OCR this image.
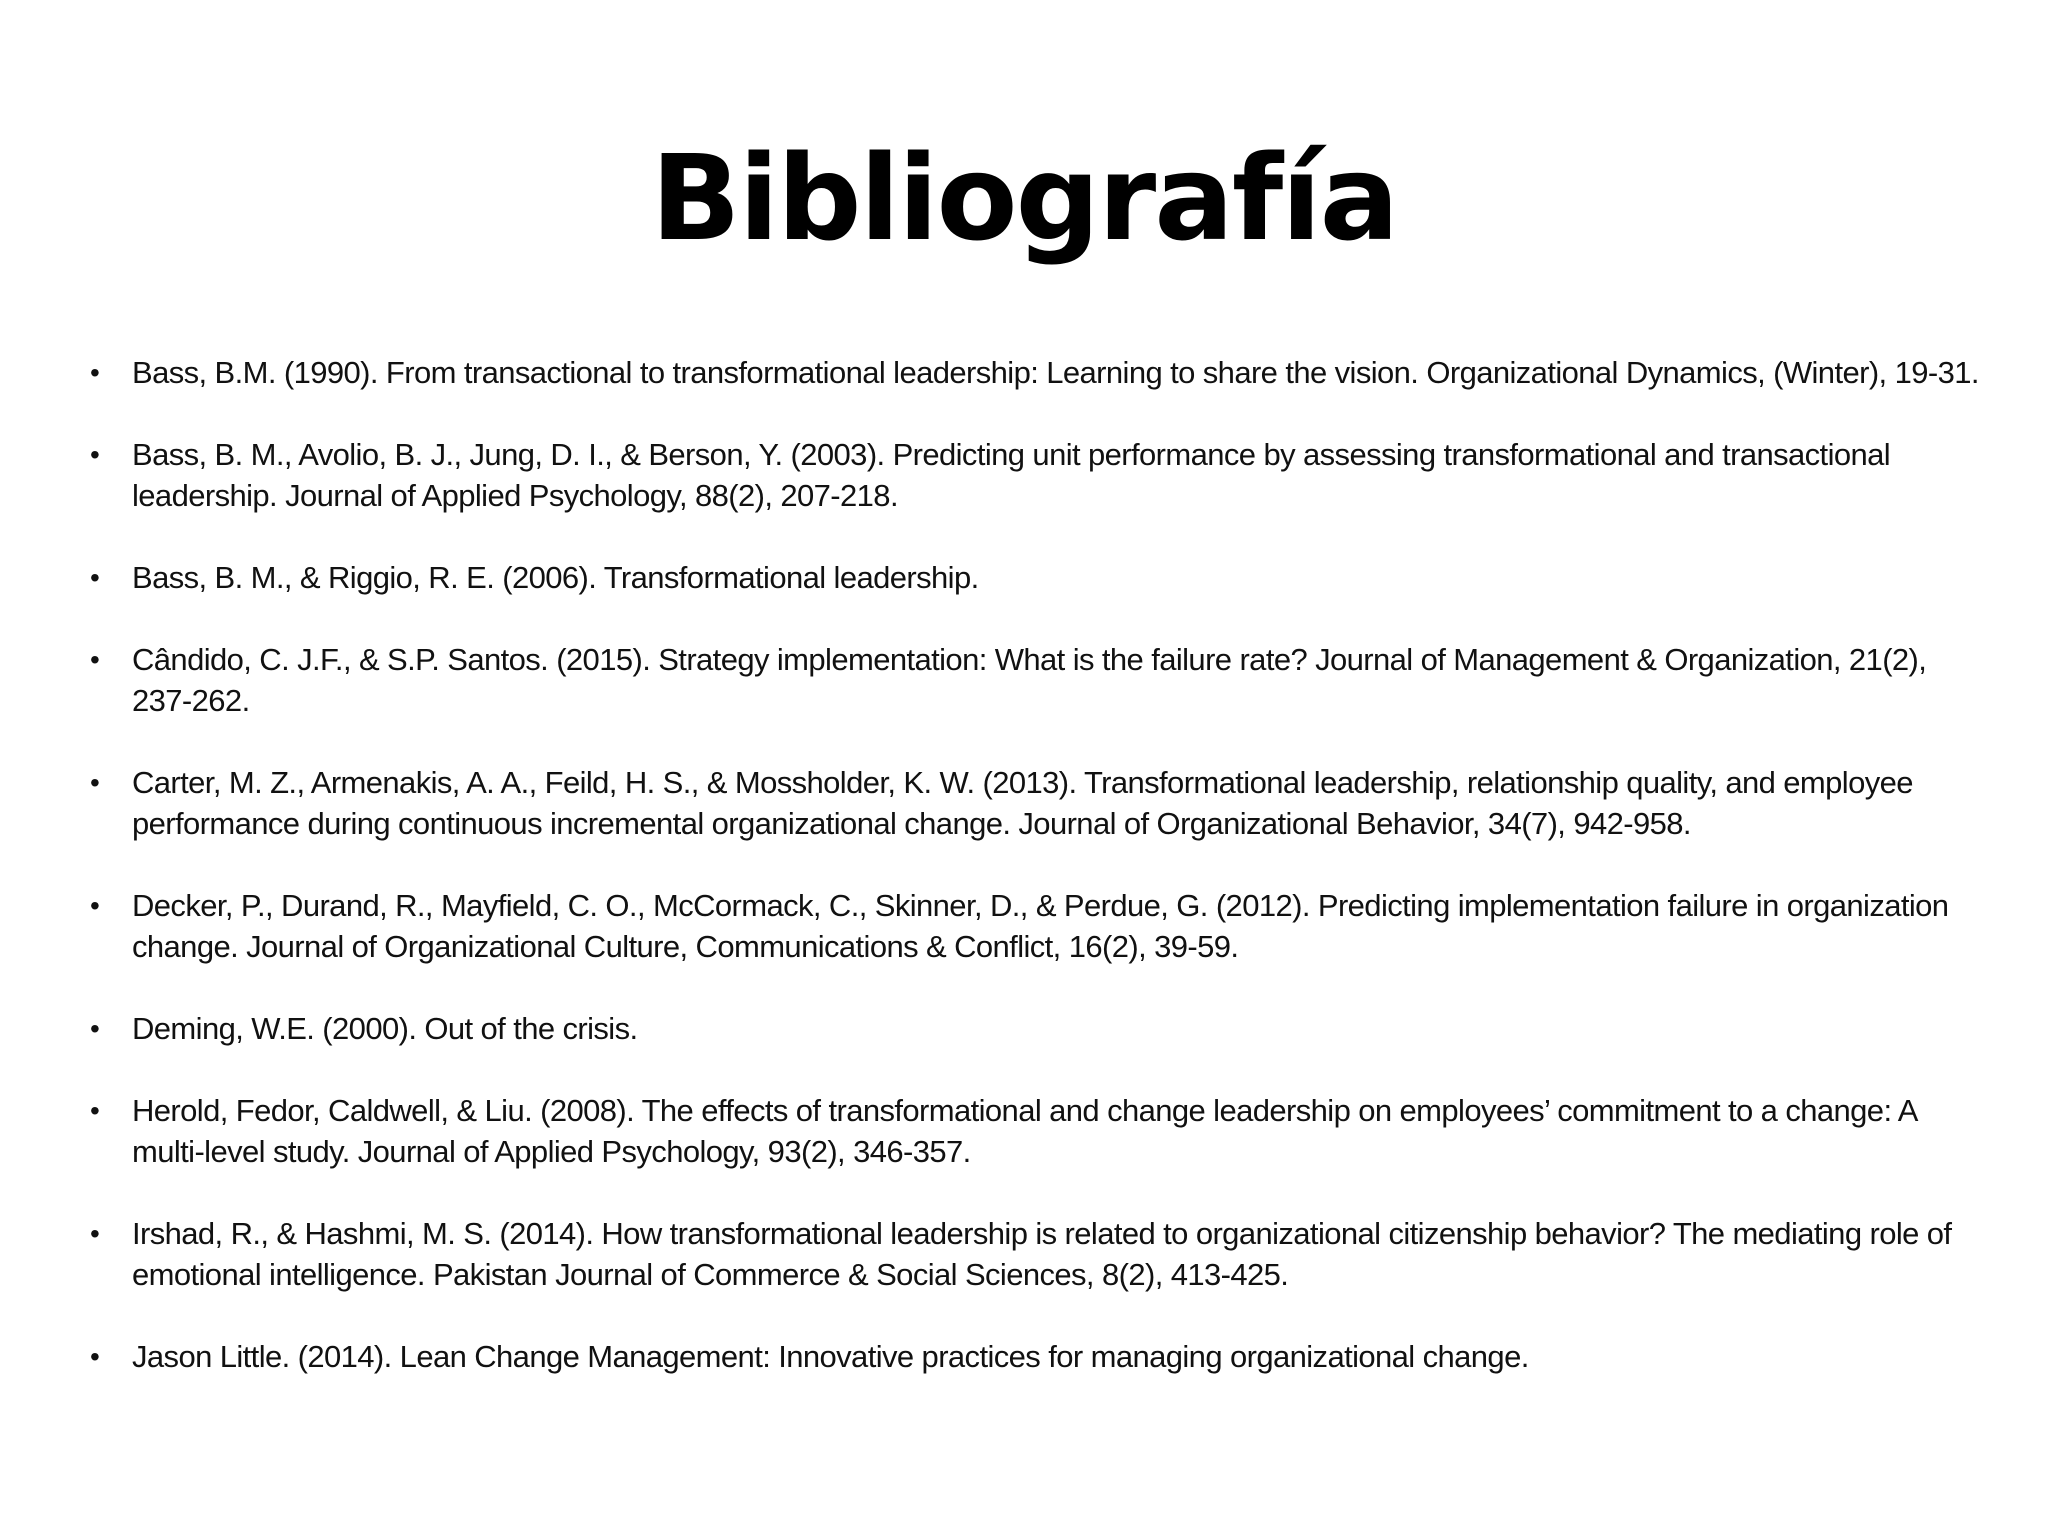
Bibliografía
• Bass, B.M. (1990). From transactional to transformational leadership: Learning to share the vision. Organizational Dynamics, (Winter), 19-31.
• Bass, B. M., Avolio, B. J., Jung, D. I., & Berson, Y. (2003). Predicting unit performance by assessing transformational and transactional leadership. Journal of Applied Psychology, 88(2), 207-218.
• Bass, B. M., & Riggio, R. E. (2006). Transformational leadership.
• Cândido, C. J.F., & S.P. Santos. (2015). Strategy implementation: What is the failure rate? Journal of Management & Organization, 21(2), 237-262.
• Carter, M. Z., Armenakis, A. A., Feild, H. S., & Mossholder, K. W. (2013). Transformational leadership, relationship quality, and employee performance during continuous incremental organizational change. Journal of Organizational Behavior, 34(7), 942-958.
• Decker, P., Durand, R., Mayfield, C. O., McCormack, C., Skinner, D., & Perdue, G. (2012). Predicting implementation failure in organization change. Journal of Organizational Culture, Communications & Conflict, 16(2), 39-59.
• Deming, W.E. (2000). Out of the crisis.
• Herold, Fedor, Caldwell, & Liu. (2008). The effects of transformational and change leadership on employees’ commitment to a change: A multi-level study. Journal of Applied Psychology, 93(2), 346-357.
• Irshad, R., & Hashmi, M. S. (2014). How transformational leadership is related to organizational citizenship behavior? The mediating role of emotional intelligence. Pakistan Journal of Commerce & Social Sciences, 8(2), 413-425.
• Jason Little. (2014). Lean Change Management: Innovative practices for managing organizational change.
